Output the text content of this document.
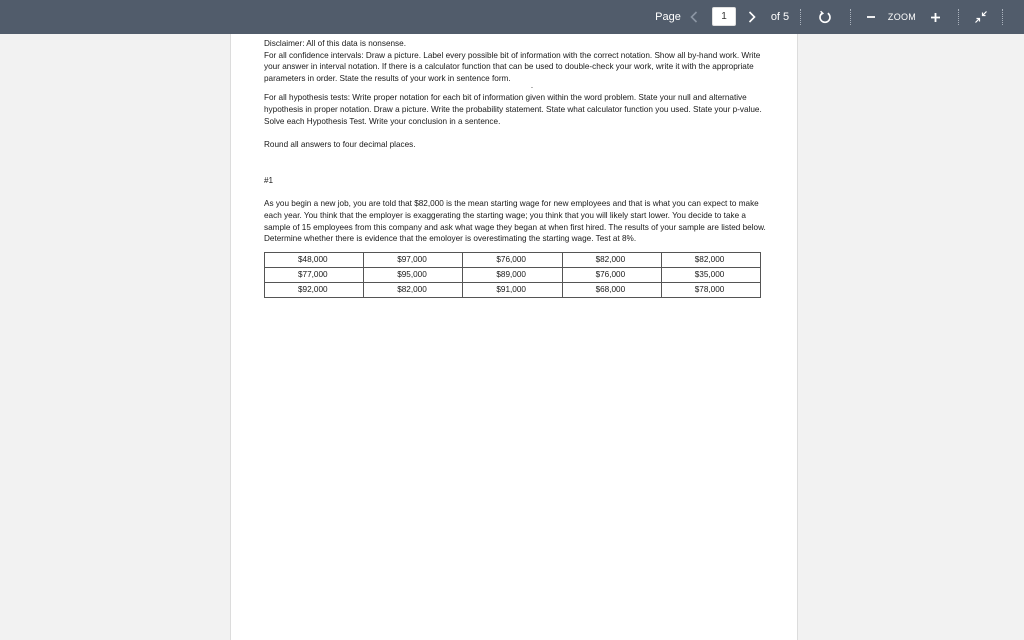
Page
1	of 5	ZOOM

Disclaimer: All of this data is nonsense.

For all confidence intervals: Draw a picture. Label every possible bit of information with the correct notation. Show all by-hand work. Write your answer in interval notation. If there is a calculator function that can be used to double-check your work, write it with the appropriate parameters in order. State the results of your work in sentence form.

·

For all hypothesis tests: Write proper notation for each bit of information given within the word problem. State your null and alternative hypothesis in proper notation. Draw a picture. Write the probability statement. State what calculator function you used. State your p-value. Solve each Hypothesis Test. Write your conclusion in a sentence.

Round all answers to four decimal places.

#1

As you begin a new job, you are told that $82,000 is the mean starting wage for new employees and that is what you can expect to make each year. You think that the employer is exaggerating the starting wage; you think that you will likely start lower. You decide to take a sample of 15 employees from this company and ask what wage they began at when first hired. The results of your sample are listed below. Determine whether there is evidence that the emoloyer is overestimating the starting wage. Test at 8%.

$48,000	$97,000	$76,000	$82,000	$82,000
$77,000	$95,000	$89,000	$76,000	$35,000
$92,000	$82,000	$91,000	$68,000	$78,000
